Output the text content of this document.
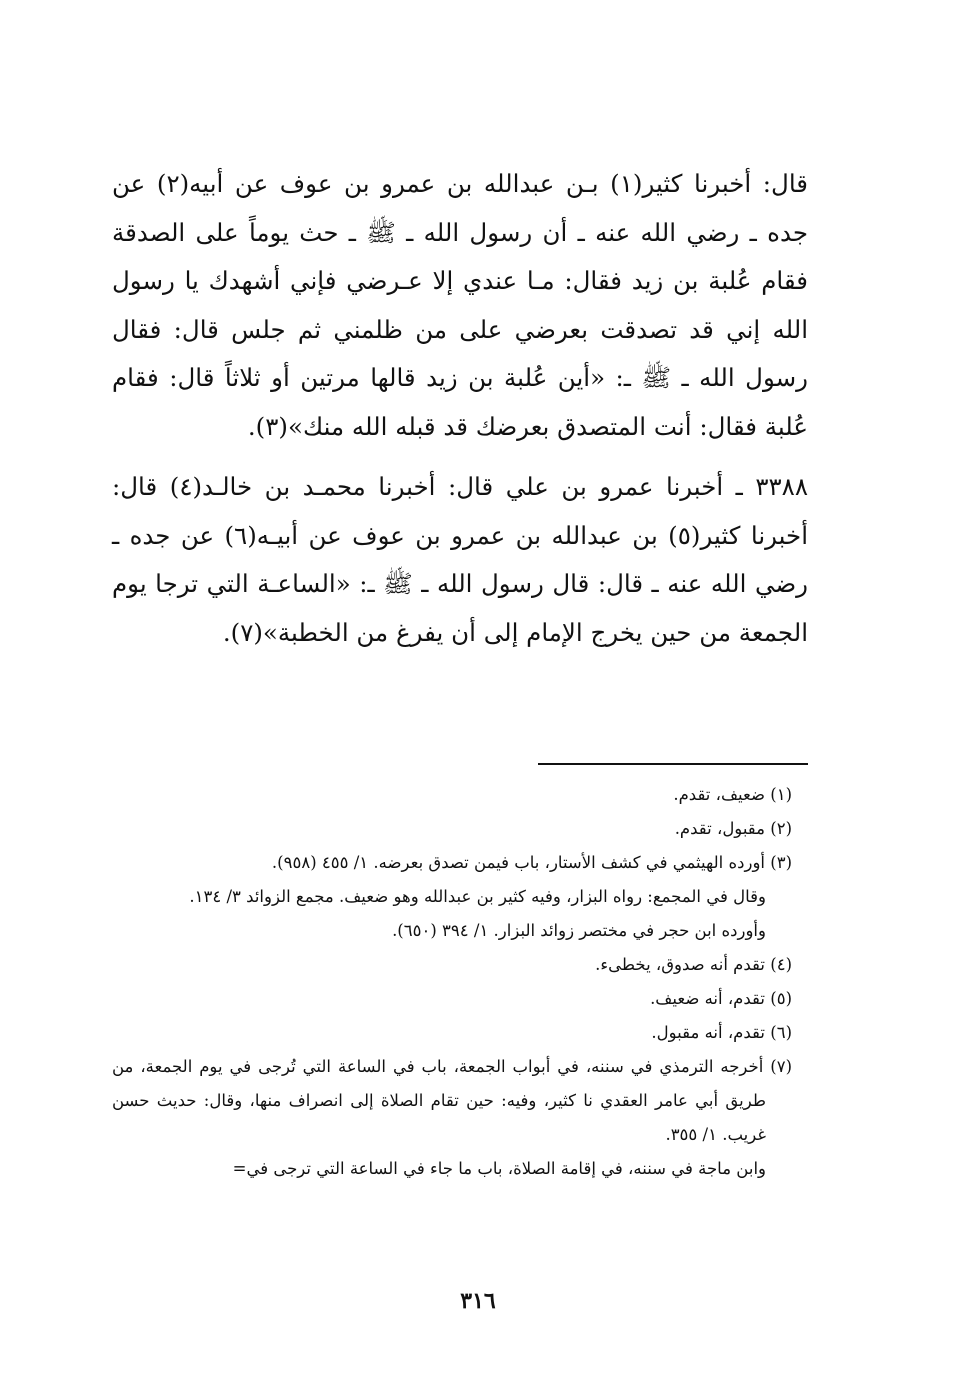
قال: أخبرنا كثير⁠(١) بـن عبدالله بن عمرو بن عوف عن أبيه(٢) عن جده ـ رضي الله عنه ـ أن رسول الله ـ ﷺ ـ حث يوماً على الصدقة فقام عُلبة بن زيد فقال: مـا عندي إلا عـرضي فإني أشهدك يا رسول الله إني قد تصدقت بعرضي على من ظلمني ثم جلس قال: فقال رسول الله ـ ﷺ ـ: «أين عُلبة بن زيد قالها مرتين أو ثلاثاً قال: فقام عُلبة فقال: أنت المتصدق بعرضك قد قبله الله منك»(٣).

٣٣٨٨ ـ أخبرنا عمرو بن علي قال: أخبرنا محمـد بن خالـد(٤) قال: أخبرنا كثير(٥) بن عبدالله بن عمرو بن عوف عن أبيـه(٦) عن جده ـ رضي الله عنه ـ قال: قال رسول الله ـ ﷺ ـ: «الساعـة التي ترجا يوم الجمعة من حين يخرج الإمام إلى أن يفرغ من الخطبة»(٧).

(١) ضعيف، تقدم.

(٢) مقبول، تقدم.

(٣) أورده الهيثمي في كشف الأستار، باب فيمن تصدق بعرضه. ١/ ٤٥٥ (٩٥٨).

وقال في المجمع: رواه البزار، وفيه كثير بن عبدالله وهو ضعيف. مجمع الزوائد ٣/ ١٣٤.

وأورده ابن حجر في مختصر زوائد البزار. ١/ ٣٩٤ (٦٥٠).

(٤) تقدم أنه صدوق، يخطىء.

(٥) تقدم، أنه ضعيف.

(٦) تقدم، أنه مقبول.

(٧) أخرجه الترمذي في سننه، في أبواب الجمعة، باب في الساعة التي تُرجى في يوم الجمعة، من طريق أبي عامر العقدي نا كثير، وفيه: حين تقام الصلاة إلى انصراف منها، وقال: حديث حسن غريب. ١/ ٣٥٥.

وابن ماجة في سننه، في إقامة الصلاة، باب ما جاء في الساعة التي ترجى في=

٣١٦
